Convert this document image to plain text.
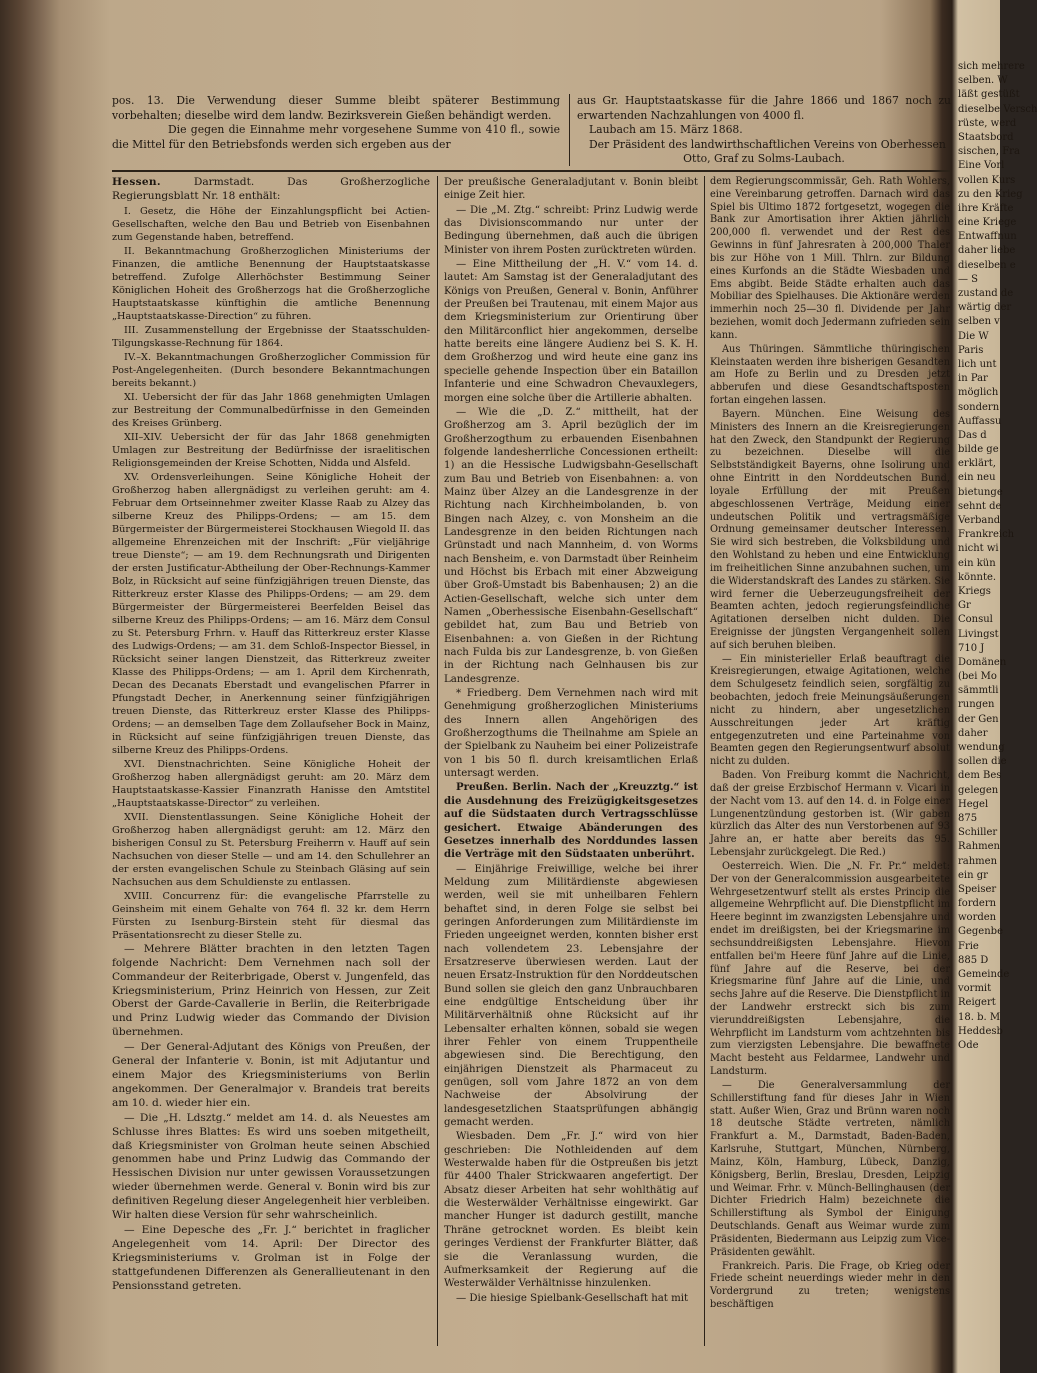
pos. 13. Die Verwendung dieser Summe bleibt späterer Bestimmung vorbehalten; dieselbe wird dem landw. Bezirksverein Gießen behändigt werden.

Die gegen die Einnahme mehr vorgesehene Summe von 410 fl., sowie die Mittel für den Betriebsfonds werden sich ergeben aus der

aus Gr. Hauptstaatskasse für die Jahre 1866 und 1867 noch zu erwartenden Nachzahlungen von 4000 fl.

Laubach am 15. März 1868.

Der Präsident des landwirthschaftlichen Vereins von Oberhessen

Otto, Graf zu Solms-Laubach.

Hessen.	Darmstadt. Das Großherzogliche Regierungsblatt Nr. 18 enthält:

I. Gesetz, die Höhe der Einzahlungspflicht bei Actien-Gesellschaften, welche den Bau und Betrieb von Eisenbahnen zum Gegenstande haben, betreffend.

II. Bekanntmachung Großherzoglichen Ministeriums der Finanzen, die amtliche Benennung der Hauptstaatskasse betreffend. Zufolge Allerhöchster Bestimmung Seiner Königlichen Hoheit des Großherzogs hat die Großherzogliche Hauptstaatskasse künftighin die amtliche Benennung „Hauptstaatskasse-Direction“ zu führen.

III. Zusammenstellung der Ergebnisse der Staatsschulden-Tilgungskasse-Rechnung für 1864.

IV.–X. Bekanntmachungen Großherzoglicher Commission für Post-Angelegenheiten. (Durch besondere Bekanntmachungen bereits bekannt.)

XI. Uebersicht der für das Jahr 1868 genehmigten Umlagen zur Bestreitung der Communalbedürfnisse in den Gemeinden des Kreises Grünberg.

XII–XIV. Uebersicht der für das Jahr 1868 genehmigten Umlagen zur Bestreitung der Bedürfnisse der israelitischen Religionsgemeinden der Kreise Schotten, Nidda und Alsfeld.

XV. Ordensverleihungen. Seine Königliche Hoheit der Großherzog haben allergnädigst zu verleihen geruht: am 4. Februar dem Ortseinnehmer zweiter Klasse Raab zu Alzey das silberne Kreuz des Philipps-Ordens; — am 15. dem Bürgermeister der Bürgermeisterei Stockhausen Wiegold II. das allgemeine Ehrenzeichen mit der Inschrift: „Für vieljährige treue Dienste“; — am 19. dem Rechnungsrath und Dirigenten der ersten Justificatur-Abtheilung der Ober-Rechnungs-Kammer Bolz, in Rücksicht auf seine fünfzigjährigen treuen Dienste, das Ritterkreuz erster Klasse des Philipps-Ordens; — am 29. dem Bürgermeister der Bürgermeisterei Beerfelden Beisel das silberne Kreuz des Philipps-Ordens; — am 16. März dem Consul zu St. Petersburg Frhrn. v. Hauff das Ritterkreuz erster Klasse des Ludwigs-Ordens; — am 31. dem Schloß-Inspector Biessel, in Rücksicht seiner langen Dienstzeit, das Ritterkreuz zweiter Klasse des Philipps-Ordens; — am 1. April dem Kirchenrath, Decan des Decanats Eberstadt und evangelischen Pfarrer in Pfungstadt Decher, in Anerkennung seiner fünfzigjährigen treuen Dienste, das Ritterkreuz erster Klasse des Philipps-Ordens; — an demselben Tage dem Zollaufseher Bock in Mainz, in Rücksicht auf seine fünfzigjährigen treuen Dienste, das silberne Kreuz des Philipps-Ordens.

XVI. Dienstnachrichten. Seine Königliche Hoheit der Großherzog haben allergnädigst geruht: am 20. März dem Hauptstaatskasse-Kassier Finanzrath Hanisse den Amtstitel „Hauptstaatskasse-Director“ zu verleihen.

XVII. Dienstentlassungen. Seine Königliche Hoheit der Großherzog haben allergnädigst geruht: am 12. März den bisherigen Consul zu St. Petersburg Freiherrn v. Hauff auf sein Nachsuchen von dieser Stelle — und am 14. den Schullehrer an der ersten evangelischen Schule zu Steinbach Gläsing auf sein Nachsuchen aus dem Schuldienste zu entlassen.

XVIII. Concurrenz für: die evangelische Pfarrstelle zu Geinsheim mit einem Gehalte von 764 fl. 32 kr. dem Herrn Fürsten zu Isenburg-Birstein steht für diesmal das Präsentationsrecht zu dieser Stelle zu.

— Mehrere Blätter brachten in den letzten Tagen folgende Nachricht: Dem Vernehmen nach soll der Commandeur der Reiterbrigade, Oberst v. Jungenfeld, das Kriegsministerium, Prinz Heinrich von Hessen, zur Zeit Oberst der Garde-Cavallerie in Berlin, die Reiterbrigade und Prinz Ludwig wieder das Commando der Division übernehmen.

— Der General-Adjutant des Königs von Preußen, der General der Infanterie v. Bonin, ist mit Adjutantur und einem Major des Kriegsministeriums von Berlin angekommen. Der Generalmajor v. Brandeis trat bereits am 10. d. wieder hier ein.

— Die „H. Ldsztg.“ meldet am 14. d. als Neuestes am Schlusse ihres Blattes: Es wird uns soeben mitgetheilt, daß Kriegsminister von Grolman heute seinen Abschied genommen habe und Prinz Ludwig das Commando der Hessischen Division nur unter gewissen Voraussetzungen wieder übernehmen werde. General v. Bonin wird bis zur definitiven Regelung dieser Angelegenheit hier verbleiben. Wir halten diese Version für sehr wahrscheinlich.

— Eine Depesche des „Fr. J.“ berichtet in fraglicher Angelegenheit vom 14. April: Der Director des Kriegsministeriums v. Grolman ist in Folge der stattgefundenen Differenzen als Generallieutenant in den Pensionsstand getreten.

Der preußische Generaladjutant v. Bonin bleibt einige Zeit hier.

— Die „M. Ztg.“ schreibt: Prinz Ludwig werde das Divisionscommando nur unter der Bedingung übernehmen, daß auch die übrigen Minister von ihrem Posten zurücktreten würden.

— Eine Mittheilung der „H. V.“ vom 14. d. lautet: Am Samstag ist der Generaladjutant des Königs von Preußen, General v. Bonin, Anführer der Preußen bei Trautenau, mit einem Major aus dem Kriegsministerium zur Orientirung über den Militärconflict hier angekommen, derselbe hatte bereits eine längere Audienz bei S. K. H. dem Großherzog und wird heute eine ganz ins specielle gehende Inspection über ein Bataillon Infanterie und eine Schwadron Chevauxlegers, morgen eine solche über die Artillerie abhalten.

— Wie die „D. Z.“ mittheilt, hat der Großherzog am 3. April bezüglich der im Großherzogthum zu erbauenden Eisenbahnen folgende landesherrliche Concessionen ertheilt: 1) an die Hessische Ludwigsbahn-Gesellschaft zum Bau und Betrieb von Eisenbahnen: a. von Mainz über Alzey an die Landesgrenze in der Richtung nach Kirchheimbolanden, b. von Bingen nach Alzey, c. von Monsheim an die Landesgrenze in den beiden Richtungen nach Grünstadt und nach Mannheim, d. von Worms nach Bensheim, e. von Darmstadt über Reinheim und Höchst bis Erbach mit einer Abzweigung über Groß-Umstadt bis Babenhausen; 2) an die Actien-Gesellschaft, welche sich unter dem Namen „Oberhessische Eisenbahn-Gesellschaft“ gebildet hat, zum Bau und Betrieb von Eisenbahnen: a. von Gießen in der Richtung nach Fulda bis zur Landesgrenze, b. von Gießen in der Richtung nach Gelnhausen bis zur Landesgrenze.

* Friedberg. Dem Vernehmen nach wird mit Genehmigung großherzoglichen Ministeriums des Innern allen Angehörigen des Großherzogthums die Theilnahme am Spiele an der Spielbank zu Nauheim bei einer Polizeistrafe von 1 bis 50 fl. durch kreisamtlichen Erlaß untersagt werden.

Preußen. Berlin. Nach der „Kreuzztg.“ ist die Ausdehnung des Freizügigkeitsgesetzes auf die Südstaaten durch Vertragsschlüsse gesichert. Etwaige Abänderungen des Gesetzes innerhalb des Norddundes lassen die Verträge mit den Südstaaten unberührt.

— Einjährige Freiwillige, welche bei ihrer Meldung zum Militärdienste abgewiesen werden, weil sie mit unheilbaren Fehlern behaftet sind, in deren Folge sie selbst bei geringen Anforderungen zum Militärdienste im Frieden ungeeignet werden, konnten bisher erst nach vollendetem 23. Lebensjahre der Ersatzreserve überwiesen werden. Laut der neuen Ersatz-Instruktion für den Norddeutschen Bund sollen sie gleich den ganz Unbrauchbaren eine endgültige Entscheidung über ihr Militärverhältniß ohne Rücksicht auf ihr Lebensalter erhalten können, sobald sie wegen ihrer Fehler von einem Truppentheile abgewiesen sind. Die Berechtigung, den einjährigen Dienstzeit als Pharmaceut zu genügen, soll vom Jahre 1872 an von dem Nachweise der Absolvirung der landesgesetzlichen Staatsprüfungen abhängig gemacht werden.

Wiesbaden. Dem „Fr. J.“ wird von hier geschrieben: Die Nothleidenden auf dem Westerwalde haben für die Ostpreußen bis jetzt für 4400 Thaler Strickwaaren angefertigt. Der Absatz dieser Arbeiten hat sehr wohlthätig auf die Westerwälder Verhältnisse eingewirkt. Gar mancher Hunger ist dadurch gestillt, manche Thräne getrocknet worden. Es bleibt kein geringes Verdienst der Frankfurter Blätter, daß sie die Veranlassung wurden, die Aufmerksamkeit der Regierung auf die Westerwälder Verhältnisse hinzulenken.

— Die hiesige Spielbank-Gesellschaft hat mit

dem Regierungscommissär, Geh. Rath Wohlers, eine Vereinbarung getroffen. Darnach wird das Spiel bis Ultimo 1872 fortgesetzt, wogegen die Bank zur Amortisation ihrer Aktien jährlich 200,000 fl. verwendet und der Rest des Gewinns in fünf Jahresraten à 200,000 Thaler bis zur Höhe von 1 Mill. Thlrn. zur Bildung eines Kurfonds an die Städte Wiesbaden und Ems abgibt. Beide Städte erhalten auch das Mobiliar des Spielhauses. Die Aktionäre werden immerhin noch 25—30 fl. Dividende per Jahr beziehen, womit doch Jedermann zufrieden sein kann.

Aus Thüringen. Sämmtliche thüringischen Kleinstaaten werden ihre bisherigen Gesandten am Hofe zu Berlin und zu Dresden jetzt abberufen und diese Gesandtschaftsposten fortan eingehen lassen.

Bayern. München. Eine Weisung des Ministers des Innern an die Kreisregierungen hat den Zweck, den Standpunkt der Regierung zu bezeichnen. Dieselbe will die Selbstständigkeit Bayerns, ohne Isolirung und ohne Eintritt in den Norddeutschen Bund, loyale Erfüllung der mit Preußen abgeschlossenen Verträge, Meidung einer undeutschen Politik und vertragsmäßige Ordnung gemeinsamer deutscher Interessen. Sie wird sich bestreben, die Volksbildung und den Wohlstand zu heben und eine Entwicklung im freiheitlichen Sinne anzubahnen suchen, um die Widerstandskraft des Landes zu stärken. Sie wird ferner die Ueberzeugungsfreiheit der Beamten achten, jedoch regierungsfeindliche Agitationen derselben nicht dulden. Die Ereignisse der jüngsten Vergangenheit sollen auf sich beruhen bleiben.

— Ein ministerieller Erlaß beauftragt die Kreisregierungen, etwaige Agitationen, welche dem Schulgesetz feindlich seien, sorgfältig zu beobachten, jedoch freie Meinungsäußerungen nicht zu hindern, aber ungesetzlichen Ausschreitungen jeder Art kräftig entgegenzutreten und eine Parteinahme von Beamten gegen den Regierungsentwurf absolut nicht zu dulden.

Baden. Von Freiburg kommt die Nachricht, daß der greise Erzbischof Hermann v. Vicari in der Nacht vom 13. auf den 14. d. in Folge einer Lungenentzündung gestorben ist. (Wir gaben kürzlich das Alter des nun Verstorbenen auf 93 Jahre an, er hatte aber bereits das 95. Lebensjahr zurückgelegt. Die Red.)

Oesterreich. Wien. Die „N. Fr. Pr.“ meldet: Der von der Generalcommission ausgearbeitete Wehrgesetzentwurf stellt als erstes Princip die allgemeine Wehrpflicht auf. Die Dienstpflicht im Heere beginnt im zwanzigsten Lebensjahre und endet im dreißigsten, bei der Kriegsmarine im sechsunddreißigsten Lebensjahre. Hievon entfallen bei'm Heere fünf Jahre auf die Linie, fünf Jahre auf die Reserve, bei der Kriegsmarine fünf Jahre auf die Linie, und sechs Jahre auf die Reserve. Die Dienstpflicht in der Landwehr erstreckt sich bis zum vierunddreißigsten Lebensjahre, die Wehrpflicht im Landsturm vom achtzehnten bis zum vierzigsten Lebensjahre. Die bewaffnete Macht besteht aus Feldarmee, Landwehr und Landsturm.

— Die Generalversammlung der Schillerstiftung fand für dieses Jahr in Wien statt. Außer Wien, Graz und Brünn waren noch 18 deutsche Städte vertreten, nämlich Frankfurt a. M., Darmstadt, Baden-Baden, Karlsruhe, Stuttgart, München, Nürnberg, Mainz, Köln, Hamburg, Lübeck, Danzig, Königsberg, Berlin, Breslau, Dresden, Leipzig und Weimar. Frhr. v. Münch-Bellinghausen (der Dichter Friedrich Halm) bezeichnete die Schillerstiftung als Symbol der Einigung Deutschlands. Genaft aus Weimar wurde zum Präsidenten, Biedermann aus Leipzig zum Vice-Präsidenten gewählt.

Frankreich. Paris. Die Frage, ob Krieg oder Friede scheint neuerdings wieder mehr in den Vordergrund zu treten; wenigstens beschäftigen

sich mehrere
selben. W
läßt gestüßt
dieselbe Versch
rüste, werd
Staatsbord
sischen, Fra
Eine Vorl
vollen Kurs
zu den Krieg
ihre Kräfte
eine Kriege
Entwaffnun
daher liebe
dieselben e
— S
zustand de
wärtig der
selben v
Die W
Paris
lich unt
in Par
möglich
sondern
Auffassu
Das d
bilde ge
erklärt,
ein neu
bietunge
sehnt de
Verband
Frankreich
nicht wi
ein kün
könnte.
Kriegs
Gr
Consul
Livingst
710 J
Domänen
(bei Mo
sämmtli
rungen
der Gen
daher
wendung
sollen die
dem Bes
gelegen
Hegel
875
Schiller
Rahmen
rahmen
ein gr
Speiser
fordern
worden
Gegenbe
Frie
885 D
Gemeinde
vormit
Reigert
18. b. M
Heddesb
Ode
